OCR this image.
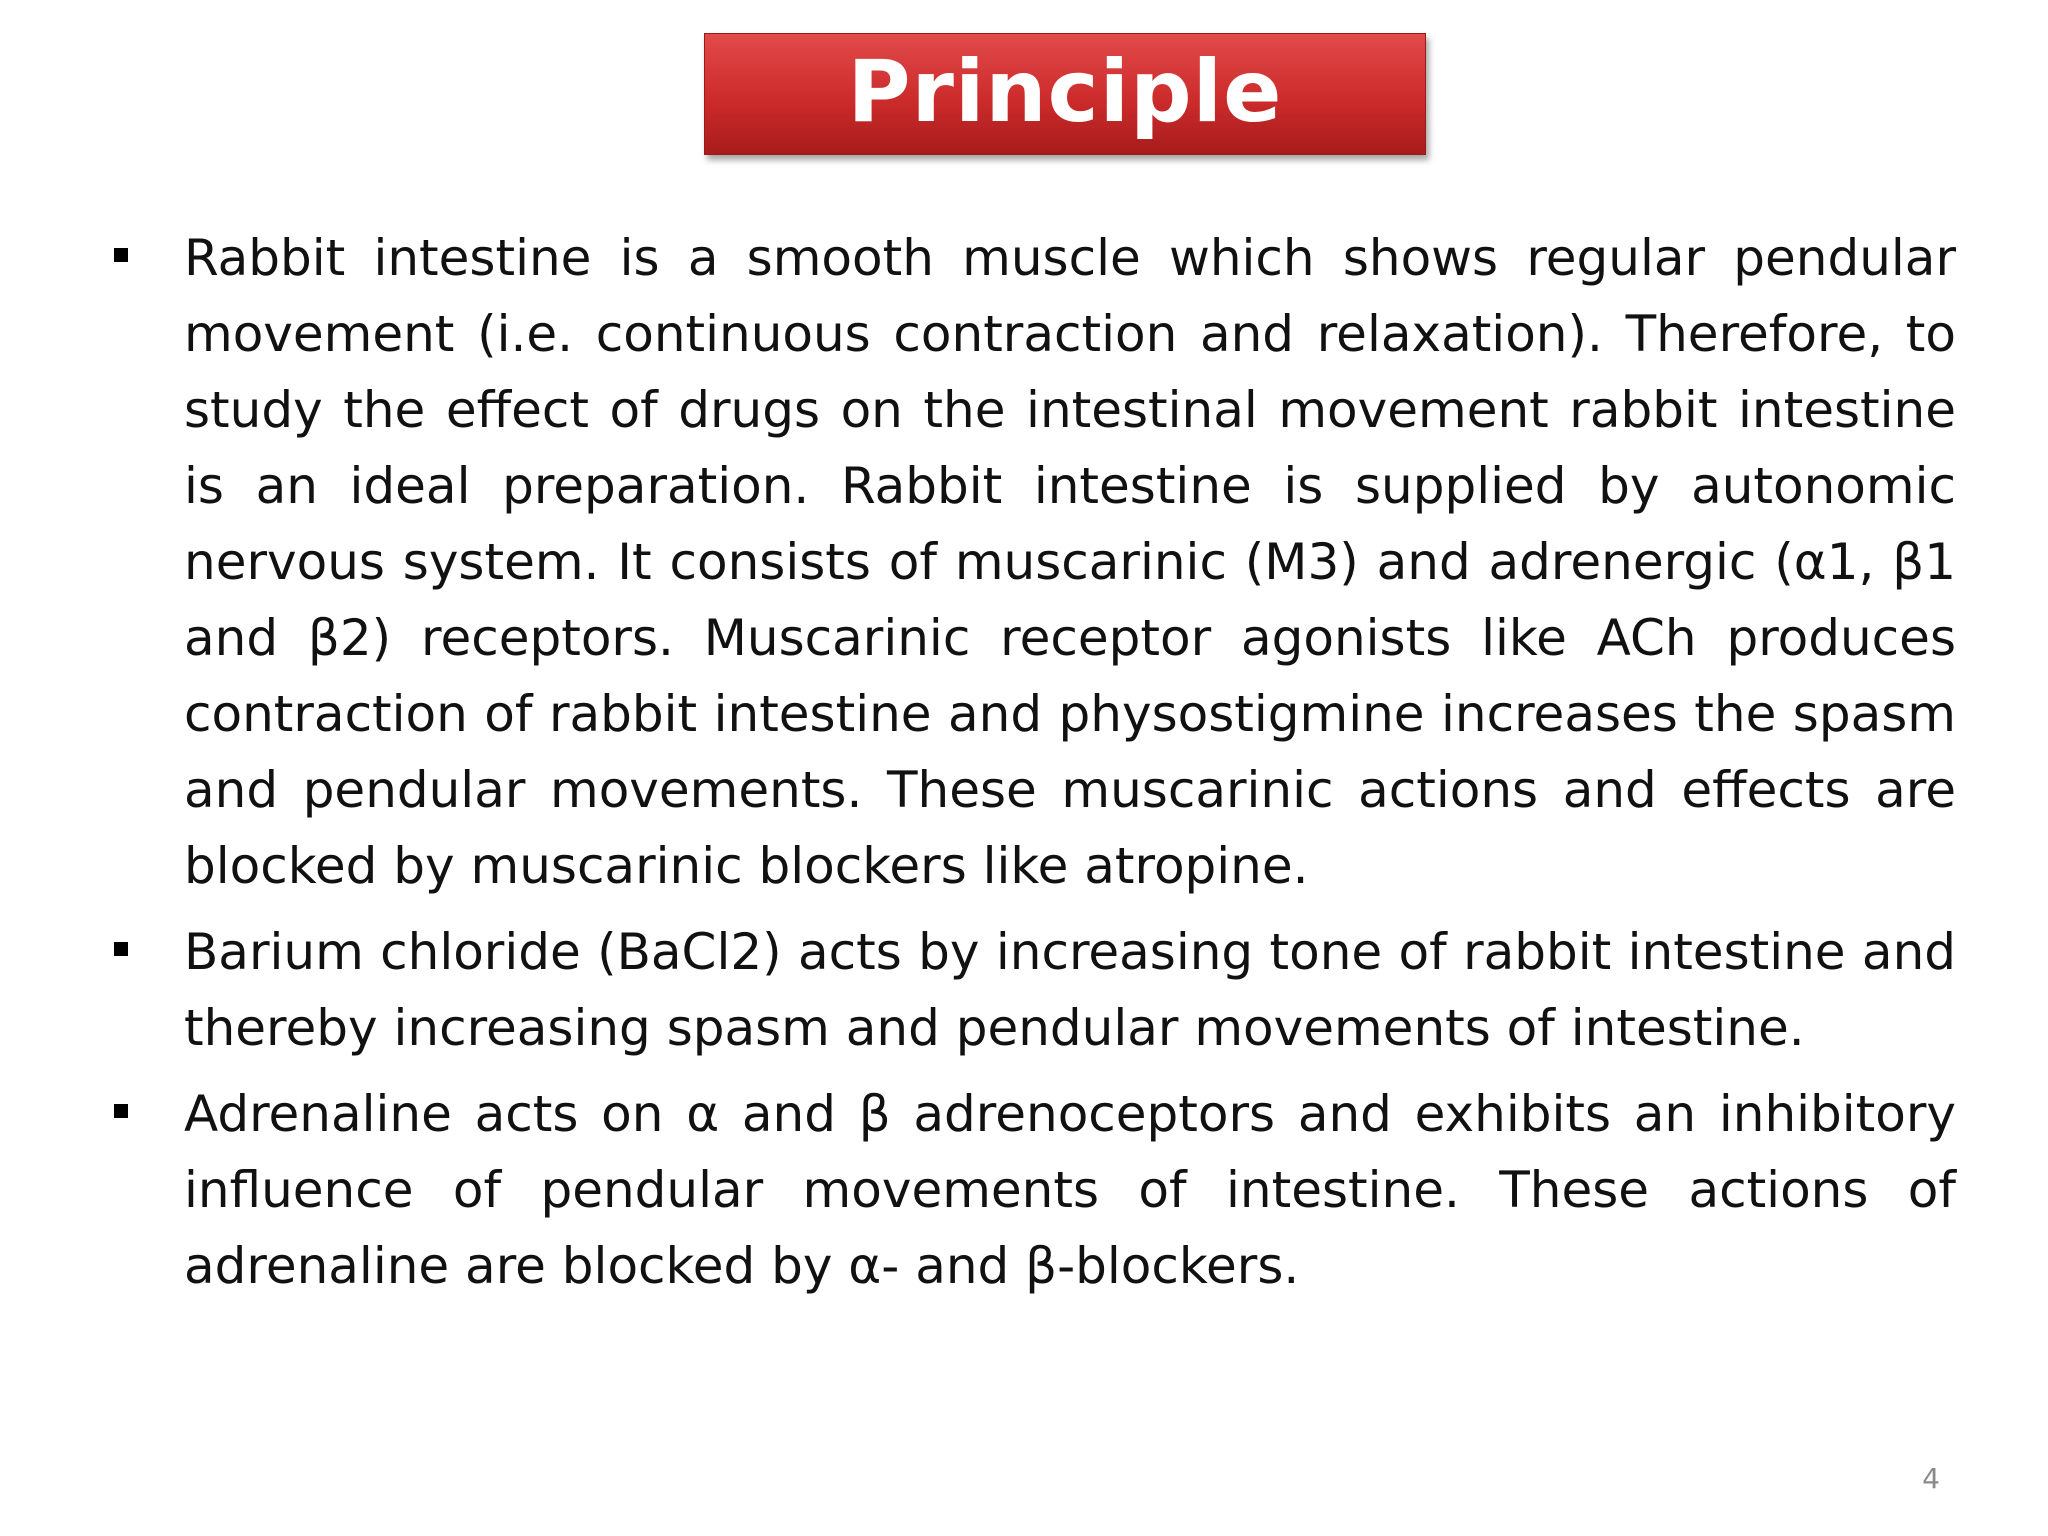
Principle

Rabbit intestine is a smooth muscle which shows regular pendular movement (i.e. continuous contraction and relaxation). Therefore, to study the effect of drugs on the intestinal movement rabbit intestine is an ideal preparation. Rabbit intestine is supplied by autonomic nervous system. It consists of muscarinic (M3) and adrenergic (α1, β1 and β2) receptors. Muscarinic receptor agonists like ACh produces contraction of rabbit intestine and physostigmine increases the spasm and pendular movements. These muscarinic actions and effects are blocked by muscarinic blockers like atropine.

Barium chloride (BaCl2) acts by increasing tone of rabbit intestine and thereby increasing spasm and pendular movements of intestine.

Adrenaline acts on α and β adrenoceptors and exhibits an inhibitory influence of pendular movements of intestine. These actions of adrenaline are blocked by α- and β-blockers.

4
